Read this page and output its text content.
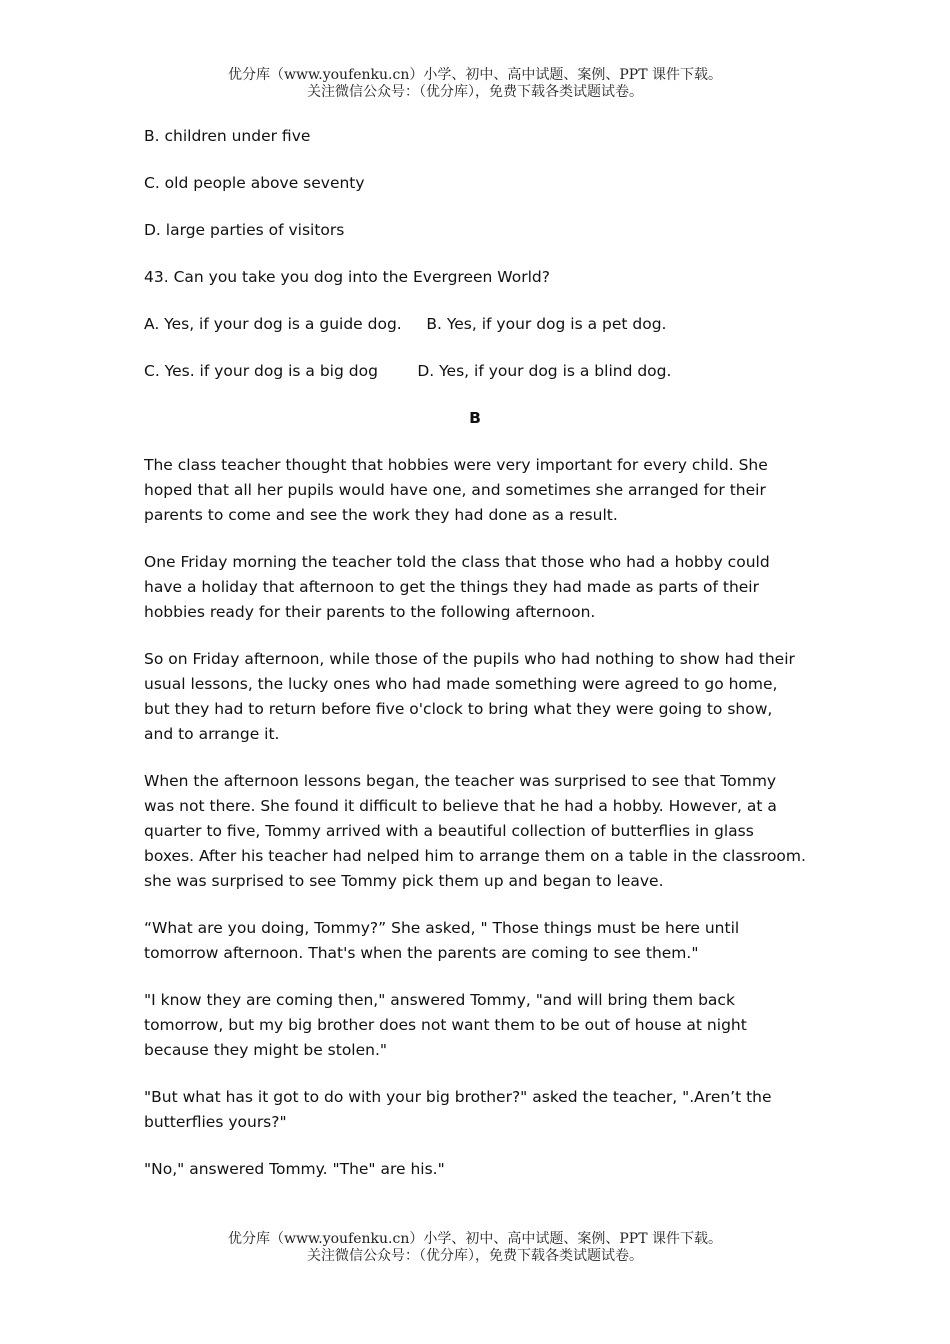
优分库（www.youfenku.cn）小学、初中、高中试题、案例、PPT 课件下载。
关注微信公众号：（优分库），免费下载各类试题试卷。

B. children under five

C. old people above seventy

D. large parties of visitors

43. Can you take you dog into the Evergreen World?

A. Yes, if your dog is a guide dog. B. Yes, if your dog is a pet dog.

C. Yes. if your dog is a big dog	D. Yes, if your dog is a blind dog.

B

The class teacher thought that hobbies were very important for every child. She hoped that all her pupils would have one, and sometimes she arranged for their parents to come and see the work they had done as a result.

One Friday morning the teacher told the class that those who had a hobby could have a holiday that afternoon to get the things they had made as parts of their hobbies ready for their parents to the following afternoon.

So on Friday afternoon, while those of the pupils who had nothing to show had their usual lessons, the lucky ones who had made something were agreed to go home, but they had to return before five o'clock to bring what they were going to show, and to arrange it.

When the afternoon lessons began, the teacher was surprised to see that Tommy was not there. She found it difficult to believe that he had a hobby. However, at a quarter to five, Tommy arrived with a beautiful collection of butterflies in glass boxes. After his teacher had nelped him to arrange them on a table in the classroom. she was surprised to see Tommy pick them up and began to leave.

“What are you doing, Tommy?” She asked, " Those things must be here until tomorrow afternoon. That's when the parents are coming to see them."

"I know they are coming then," answered Tommy, "and will bring them back tomorrow, but my big brother does not want them to be out of house at night because they might be stolen."

"But what has it got to do with your big brother?" asked the teacher, ".Aren’t the butterflies yours?"

"No," answered Tommy. "The" are his."

优分库（www.youfenku.cn）小学、初中、高中试题、案例、PPT 课件下载。
关注微信公众号：（优分库），免费下载各类试题试卷。
